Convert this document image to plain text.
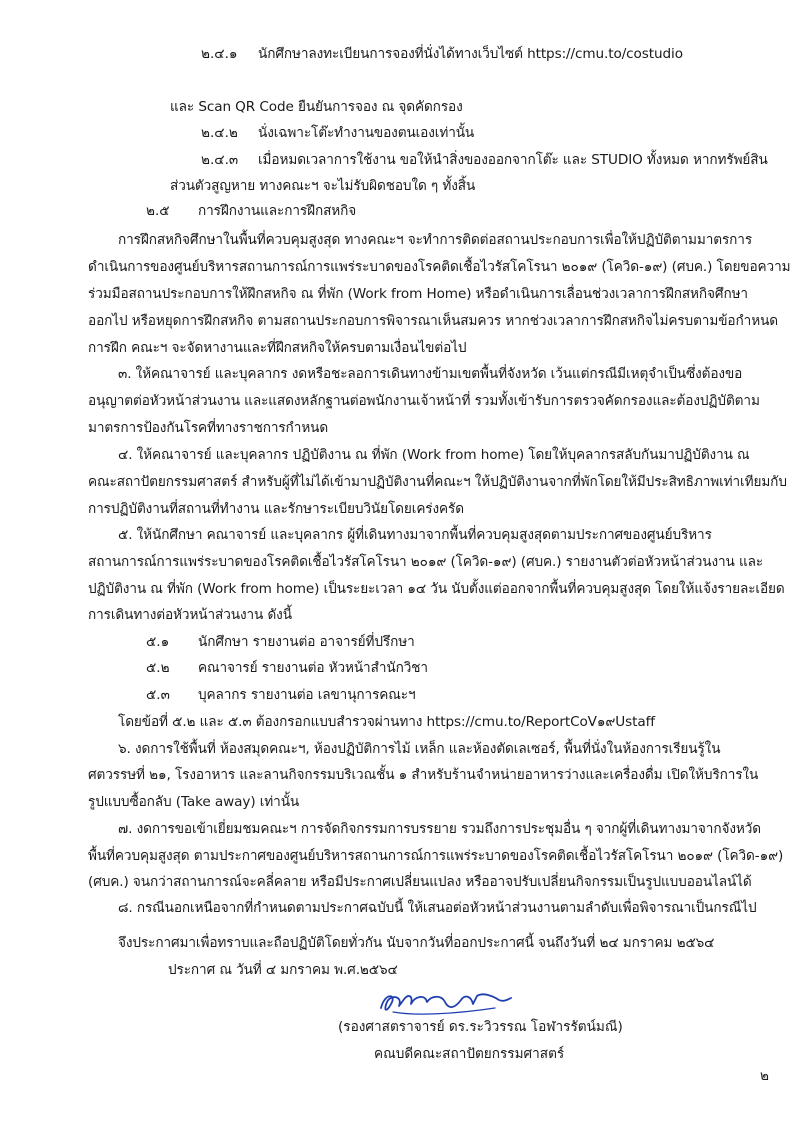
๒.๔.๑ นักศึกษาลงทะเบียนการจองที่นั่งได้ทางเว็บไซต์ https://cmu.to/costudio
และ Scan QR Code ยืนยันการจอง ณ จุดคัดกรอง
๒.๔.๒ นั่งเฉพาะโต๊ะทำงานของตนเองเท่านั้น
๒.๔.๓ เมื่อหมดเวลาการใช้งาน ขอให้นำสิ่งของออกจากโต๊ะ และ STUDIO ทั้งหมด หากทรัพย์สิน
ส่วนตัวสูญหาย ทางคณะฯ จะไม่รับผิดชอบใด ๆ ทั้งสิ้น
๒.๕ การฝึกงานและการฝึกสหกิจ
การฝึกสหกิจศึกษาในพื้นที่ควบคุมสูงสุด ทางคณะฯ จะทำการติดต่อสถานประกอบการเพื่อให้ปฏิบัติตามมาตรการ
ดำเนินการของศูนย์บริหารสถานการณ์การแพร่ระบาดของโรคติดเชื้อไวรัสโคโรนา ๒๐๑๙ (โควิด-๑๙) (ศบค.) โดยขอความ
ร่วมมือสถานประกอบการให้ฝึกสหกิจ ณ ที่พัก (Work from Home) หรือดำเนินการเลื่อนช่วงเวลาการฝึกสหกิจศึกษา
ออกไป หรือหยุดการฝึกสหกิจ ตามสถานประกอบการพิจารณาเห็นสมควร หากช่วงเวลาการฝึกสหกิจไม่ครบตามข้อกำหนด
การฝึก คณะฯ จะจัดหางานและที่ฝึกสหกิจให้ครบตามเงื่อนไขต่อไป
๓. ให้คณาจารย์ และบุคลากร งดหรือชะลอการเดินทางข้ามเขตพื้นที่จังหวัด เว้นแต่กรณีมีเหตุจำเป็นซึ่งต้องขอ
อนุญาตต่อหัวหน้าส่วนงาน และแสดงหลักฐานต่อพนักงานเจ้าหน้าที่ รวมทั้งเข้ารับการตรวจคัดกรองและต้องปฏิบัติตาม
มาตรการป้องกันโรคที่ทางราชการกำหนด
๔. ให้คณาจารย์ และบุคลากร ปฏิบัติงาน ณ ที่พัก (Work from home) โดยให้บุคลากรสลับกันมาปฏิบัติงาน ณ
คณะสถาปัตยกรรมศาสตร์ สำหรับผู้ที่ไม่ได้เข้ามาปฏิบัติงานที่คณะฯ ให้ปฏิบัติงานจากที่พักโดยให้มีประสิทธิภาพเท่าเทียมกับ
การปฏิบัติงานที่สถานที่ทำงาน และรักษาระเบียบวินัยโดยเคร่งครัด
๕. ให้นักศึกษา คณาจารย์ และบุคลากร ผู้ที่เดินทางมาจากพื้นที่ควบคุมสูงสุดตามประกาศของศูนย์บริหาร
สถานการณ์การแพร่ระบาดของโรคติดเชื้อไวรัสโคโรนา ๒๐๑๙ (โควิด-๑๙) (ศบค.) รายงานตัวต่อหัวหน้าส่วนงาน และ
ปฏิบัติงาน ณ ที่พัก (Work from home) เป็นระยะเวลา ๑๔ วัน นับตั้งแต่ออกจากพื้นที่ควบคุมสูงสุด โดยให้แจ้งรายละเอียด
การเดินทางต่อหัวหน้าส่วนงาน ดังนี้
๕.๑ นักศึกษา รายงานต่อ อาจารย์ที่ปรึกษา
๕.๒ คณาจารย์ รายงานต่อ หัวหน้าสำนักวิชา
๕.๓ บุคลากร รายงานต่อ เลขานุการคณะฯ
โดยข้อที่ ๕.๒ และ ๕.๓ ต้องกรอกแบบสำรวจผ่านทาง https://cmu.to/ReportCoV๑๙Ustaff
๖. งดการใช้พื้นที่ ห้องสมุดคณะฯ, ห้องปฏิบัติการไม้ เหล็ก และห้องตัดเลเซอร์, พื้นที่นั่งในห้องการเรียนรู้ใน
ศตวรรษที่ ๒๑, โรงอาหาร และลานกิจกรรมบริเวณชั้น ๑ สำหรับร้านจำหน่ายอาหารว่างและเครื่องดื่ม เปิดให้บริการใน
รูปแบบซื้อกลับ (Take away) เท่านั้น
๗. งดการขอเข้าเยี่ยมชมคณะฯ การจัดกิจกรรมการบรรยาย รวมถึงการประชุมอื่น ๆ จากผู้ที่เดินทางมาจากจังหวัด
พื้นที่ควบคุมสูงสุด ตามประกาศของศูนย์บริหารสถานการณ์การแพร่ระบาดของโรคติดเชื้อไวรัสโคโรนา ๒๐๑๙ (โควิด-๑๙)
(ศบค.) จนกว่าสถานการณ์จะคลี่คลาย หรือมีประกาศเปลี่ยนแปลง หรืออาจปรับเปลี่ยนกิจกรรมเป็นรูปแบบออนไลน์ได้
๘. กรณีนอกเหนือจากที่กำหนดตามประกาศฉบับนี้ ให้เสนอต่อหัวหน้าส่วนงานตามลำดับเพื่อพิจารณาเป็นกรณีไป
จึงประกาศมาเพื่อทราบและถือปฏิบัติโดยทั่วกัน นับจากวันที่ออกประกาศนี้ จนถึงวันที่ ๒๔ มกราคม ๒๕๖๔
ประกาศ ณ วันที่ ๔ มกราคม พ.ศ.๒๕๖๔
(รองศาสตราจารย์ ดร.ระวิวรรณ โอฬารรัตน์มณี)
คณบดีคณะสถาปัตยกรรมศาสตร์
๒
